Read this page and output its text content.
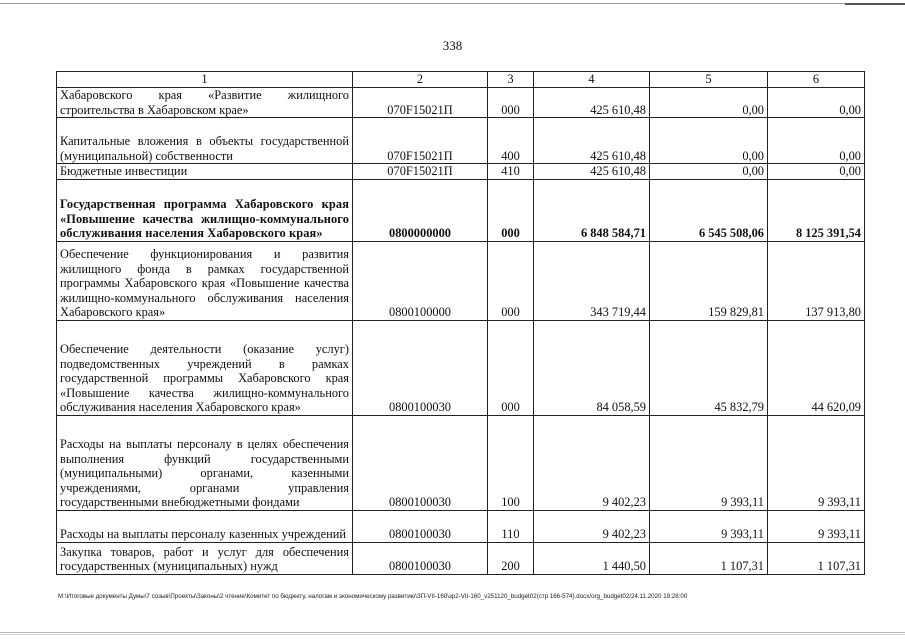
338
1	2	3	4	5	6
Хабаровского края «Развитие жилищного строительства в Хабаровском крае»	070F15021П	000	425 610,48	0,00	0,00
Капитальные вложения в объекты государственной (муниципальной) собственности	070F15021П	400	425 610,48	0,00	0,00
Бюджетные инвестиции	070F15021П	410	425 610,48	0,00	0,00
Государственная программа Хабаровского края «Повышение качества жилищно-коммунального обслуживания населения Хабаровского края»	0800000000	000	6 848 584,71	6 545 508,06	8 125 391,54
Обеспечение функционирования и развития жилищного фонда в рамках государственной программы Хабаровского края «Повышение качества жилищно-коммунального обслуживания населения Хабаровского края»	0800100000	000	343 719,44	159 829,81	137 913,80
Обеспечение деятельности (оказание услуг) подведомственных учреждений в рамках государственной программы Хабаровского края «Повышение качества жилищно-коммунального обслуживания населения Хабаровского края»	0800100030	000	84 058,59	45 832,79	44 620,09
Расходы на выплаты персоналу в целях обеспечения выполнения функций государственными (муниципальными) органами, казенными учреждениями, органами управления государственными внебюджетными фондами	0800100030	100	9 402,23	9 393,11	9 393,11
Расходы на выплаты персоналу казенных учреждений	0800100030	110	9 402,23	9 393,11	9 393,11
Закупка товаров, работ и услуг для обеспечения государственных (муниципальных) нужд	0800100030	200	1 440,50	1 107,31	1 107,31
M:\Итоговые документы Думы\7 созыв\Проекты\Законы\2 чтение\Комитет по бюджету, налогам и экономическому развитию\ЗП-VII-160\зр2-VII-160_v251120_budget02(стр 166-574).docx/org_budget02/24.11.2020 19:28:00
